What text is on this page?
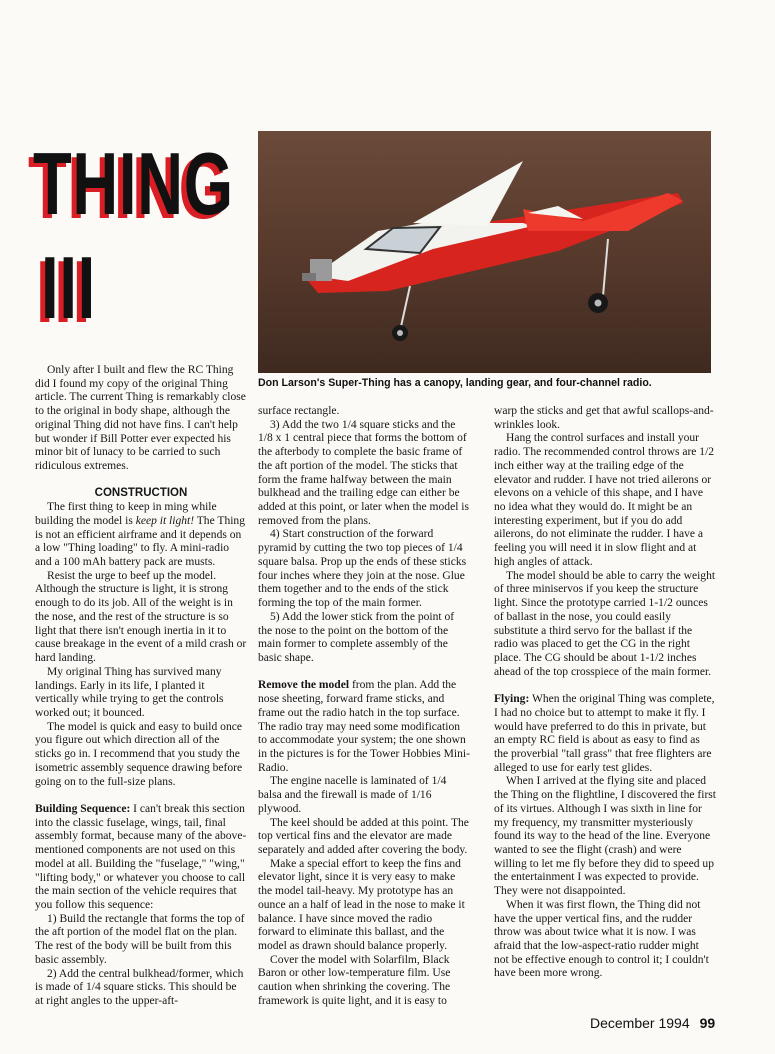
THING
III
Don Larson's Super-Thing has a canopy, landing gear, and four-channel radio.

Only after I built and flew the RC Thing did I found my copy of the original Thing article. The current Thing is remarkably close to the original in body shape, although the original Thing did not have fins. I can't help but wonder if Bill Potter ever expected his minor bit of lunacy to be carried to such ridiculous extremes.

CONSTRUCTION

The first thing to keep in ming while building the model is keep it light! The Thing is not an efficient airframe and it depends on a low "Thing loading" to fly. A mini-radio and a 100 mAh battery pack are musts.

Resist the urge to beef up the model. Although the structure is light, it is strong enough to do its job. All of the weight is in the nose, and the rest of the structure is so light that there isn't enough inertia in it to cause breakage in the event of a mild crash or hard landing.

My original Thing has survived many landings. Early in its life, I planted it vertically while trying to get the controls worked out; it bounced.

The model is quick and easy to build once you figure out which direction all of the sticks go in. I recommend that you study the isometric assembly sequence drawing before going on to the full-size plans.

Building Sequence: I can't break this section into the classic fuselage, wings, tail, final assembly format, because many of the above-mentioned components are not used on this model at all. Building the "fuselage," "wing," "lifting body," or whatever you choose to call the main section of the vehicle requires that you follow this sequence:

1) Build the rectangle that forms the top of the aft portion of the model flat on the plan. The rest of the body will be built from this basic assembly.

2) Add the central bulkhead/former, which is made of 1/4 square sticks. This should be at right angles to the upper-aft-

surface rectangle.

3) Add the two 1/4 square sticks and the 1/8 x 1 central piece that forms the bottom of the afterbody to complete the basic frame of the aft portion of the model. The sticks that form the frame halfway between the main bulkhead and the trailing edge can either be added at this point, or later when the model is removed from the plans.

4) Start construction of the forward pyramid by cutting the two top pieces of 1/4 square balsa. Prop up the ends of these sticks four inches where they join at the nose. Glue them together and to the ends of the stick forming the top of the main former.

5) Add the lower stick from the point of the nose to the point on the bottom of the main former to complete assembly of the basic shape.

Remove the model from the plan. Add the nose sheeting, forward frame sticks, and frame out the radio hatch in the top surface. The radio tray may need some modification to accommodate your system; the one shown in the pictures is for the Tower Hobbies Mini-Radio.

The engine nacelle is laminated of 1/4 balsa and the firewall is made of 1/16 plywood.

The keel should be added at this point. The top vertical fins and the elevator are made separately and added after covering the body.

Make a special effort to keep the fins and elevator light, since it is very easy to make the model tail-heavy. My prototype has an ounce an a half of lead in the nose to make it balance. I have since moved the radio forward to eliminate this ballast, and the model as drawn should balance properly.

Cover the model with Solarfilm, Black Baron or other low-temperature film. Use caution when shrinking the covering. The framework is quite light, and it is easy to

warp the sticks and get that awful scallops-and-wrinkles look.

Hang the control surfaces and install your radio. The recommended control throws are 1/2 inch either way at the trailing edge of the elevator and rudder. I have not tried ailerons or elevons on a vehicle of this shape, and I have no idea what they would do. It might be an interesting experiment, but if you do add ailerons, do not eliminate the rudder. I have a feeling you will need it in slow flight and at high angles of attack.

The model should be able to carry the weight of three miniservos if you keep the structure light. Since the prototype carried 1-1/2 ounces of ballast in the nose, you could easily substitute a third servo for the ballast if the radio was placed to get the CG in the right place. The CG should be about 1-1/2 inches ahead of the top crosspiece of the main former.

Flying: When the original Thing was complete, I had no choice but to attempt to make it fly. I would have preferred to do this in private, but an empty RC field is about as easy to find as the proverbial "tall grass" that free flighters are alleged to use for early test glides.

When I arrived at the flying site and placed the Thing on the flightline, I discovered the first of its virtues. Although I was sixth in line for my frequency, my transmitter mysteriously found its way to the head of the line. Everyone wanted to see the flight (crash) and were willing to let me fly before they did to speed up the entertainment I was expected to provide. They were not disappointed.

When it was first flown, the Thing did not have the upper vertical fins, and the rudder throw was about twice what it is now. I was afraid that the low-aspect-ratio rudder might not be effective enough to control it; I couldn't have been more wrong.

December 1994 99
